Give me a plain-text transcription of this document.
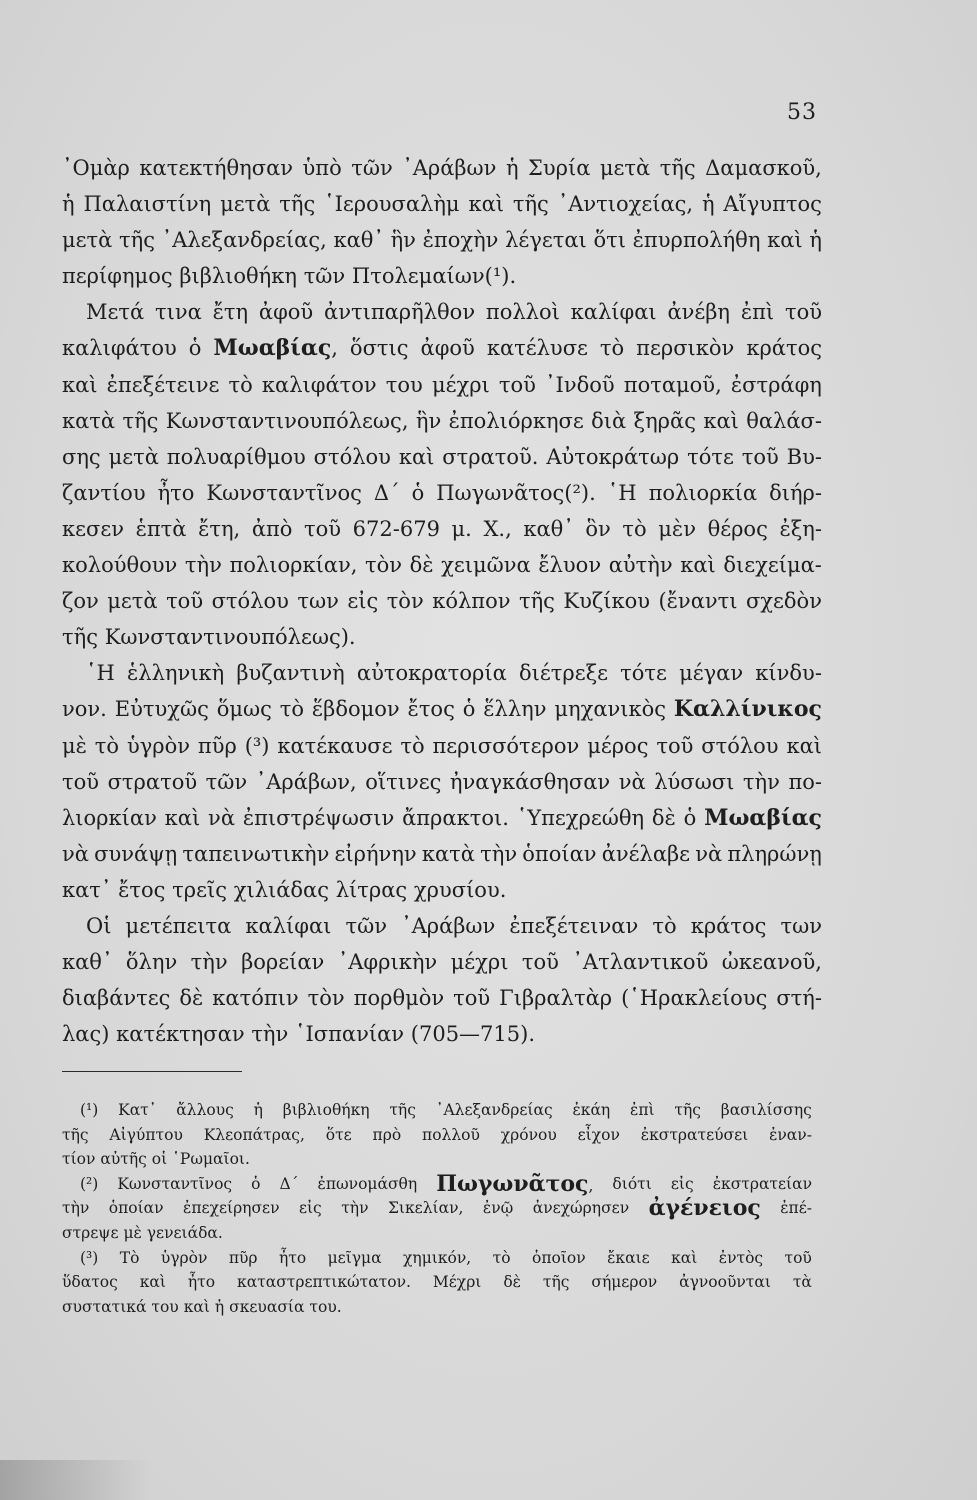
53
᾽Ομὰρ κατεκτήθησαν ὑπὸ τῶν ᾽Αράβων ἡ Συρία μετὰ τῆς Δαμασκοῦ,
ἡ Παλαιστίνη μετὰ τῆς ῾Ιερουσαλὴμ καὶ τῆς ᾽Αντιοχείας, ἡ Αἴγυπτος
μετὰ τῆς ᾽Αλεξανδρείας, καθ᾽ ἣν ἐποχὴν λέγεται ὅτι ἐπυρπολήθη καὶ ἡ
περίφημος βιβλιοθήκη τῶν Πτολεμαίων(¹).
Μετά τινα ἔτη ἀφοῦ ἀντιπαρῆλθον πολλοὶ καλίφαι ἀνέβη ἐπὶ τοῦ
καλιφάτου ὁ Μωαβίας, ὅστις ἀφοῦ κατέλυσε τὸ περσικὸν κράτος
καὶ ἐπεξέτεινε τὸ καλιφάτον του μέχρι τοῦ ᾽Ινδοῦ ποταμοῦ, ἐστράφη
κατὰ τῆς Κωνσταντινουπόλεως, ἣν ἐπολιόρκησε διὰ ξηρᾶς καὶ θαλάσ-
σης μετὰ πολυαρίθμου στόλου καὶ στρατοῦ. Αὐτοκράτωρ τότε τοῦ Βυ-
ζαντίου ἦτο Κωνσταντῖνος Δ΄ ὁ Πωγωνᾶτος(²). ῾Η πολιορκία διήρ-
κεσεν ἑπτὰ ἔτη, ἀπὸ τοῦ 672-679 μ. Χ., καθ᾽ ὃν τὸ μὲν θέρος ἐξη-
κολούθουν τὴν πολιορκίαν, τὸν δὲ χειμῶνα ἔλυον αὐτὴν καὶ διεχείμα-
ζον μετὰ τοῦ στόλου των εἰς τὸν κόλπον τῆς Κυζίκου (ἔναντι σχεδὸν
τῆς Κωνσταντινουπόλεως).
῾Η ἑλληνικὴ βυζαντινὴ αὐτοκρατορία διέτρεξε τότε μέγαν κίνδυ-
νον. Εὐτυχῶς ὅμως τὸ ἕβδομον ἔτος ὁ ἕλλην μηχανικὸς Καλλίνικος
μὲ τὸ ὑγρὸν πῦρ (³) κατέκαυσε τὸ περισσότερον μέρος τοῦ στόλου καὶ
τοῦ στρατοῦ τῶν ᾽Αράβων, οἵτινες ἠναγκάσθησαν νὰ λύσωσι τὴν πο-
λιορκίαν καὶ νὰ ἐπιστρέψωσιν ἄπρακτοι. ῾Υπεχρεώθη δὲ ὁ Μωαβίας
νὰ συνάψῃ ταπεινωτικὴν εἰρήνην κατὰ τὴν ὁποίαν ἀνέλαβε νὰ πληρώνῃ
κατ᾽ ἔτος τρεῖς χιλιάδας λίτρας χρυσίου.
Οἱ μετέπειτα καλίφαι τῶν ᾽Αράβων ἐπεξέτειναν τὸ κράτος των
καθ᾽ ὅλην τὴν βορείαν ᾽Αφρικὴν μέχρι τοῦ ᾽Ατλαντικοῦ ὠκεανοῦ,
διαβάντες δὲ κατόπιν τὸν πορθμὸν τοῦ Γιβραλτὰρ (῾Ηρακλείους στή-
λας) κατέκτησαν τὴν ῾Ισπανίαν (705—715).
(¹) Κατ᾽ ἄλλους ἡ βιβλιοθήκη τῆς ᾽Αλεξανδρείας ἐκάη ἐπὶ τῆς βασιλίσσης
τῆς Αἰγύπτου Κλεοπάτρας, ὅτε πρὸ πολλοῦ χρόνου εἶχον ἐκστρατεύσει ἐναν-
τίον αὐτῆς οἱ ῾Ρωμαῖοι.
(²) Κωνσταντῖνος ὁ Δ΄ ἐπωνομάσθη Πωγωνᾶτος, διότι εἰς ἐκστρατείαν
τὴν ὁποίαν ἐπεχείρησεν εἰς τὴν Σικελίαν, ἐνῷ ἀνεχώρησεν ἀγένειος ἐπέ-
στρεψε μὲ γενειάδα.
(³) Τὸ ὑγρὸν πῦρ ἦτο μεῖγμα χημικόν, τὸ ὁποῖον ἔκαιε καὶ ἐντὸς τοῦ
ὕδατος καὶ ἦτο καταστρεπτικώτατον. Μέχρι δὲ τῆς σήμερον ἀγνοοῦνται τὰ
συστατικά του καὶ ἡ σκευασία του.
